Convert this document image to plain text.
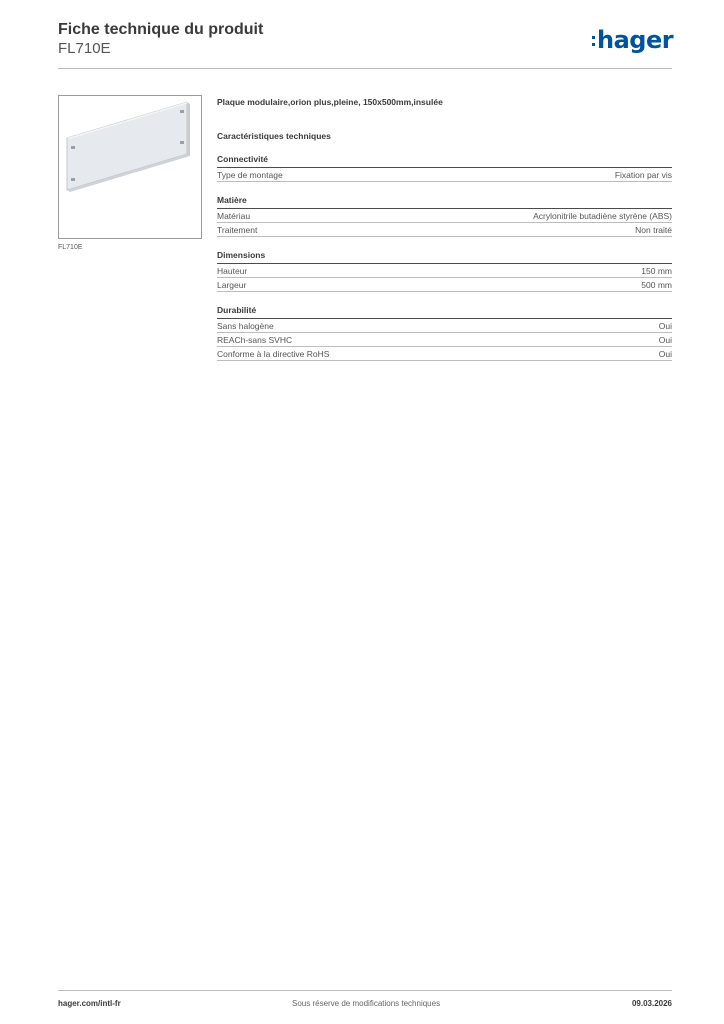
Fiche technique du produit
FL710E	hager
FL710E

Plaque modulaire,orion plus,pleine, 150x500mm,insulée

Caractéristiques techniques
Connectivité
Type de montage	Fixation par vis
Matière
Matériau	Acrylonitrile butadiène styrène (ABS)
Traitement	Non traité
Dimensions
Hauteur	150 mm
Largeur	500 mm
Durabilité
Sans halogène	Oui
REACh-sans SVHC	Oui
Conforme à la directive RoHS	Oui
hager.com/intl-fr	Sous réserve de modifications techniques	09.03.2026
